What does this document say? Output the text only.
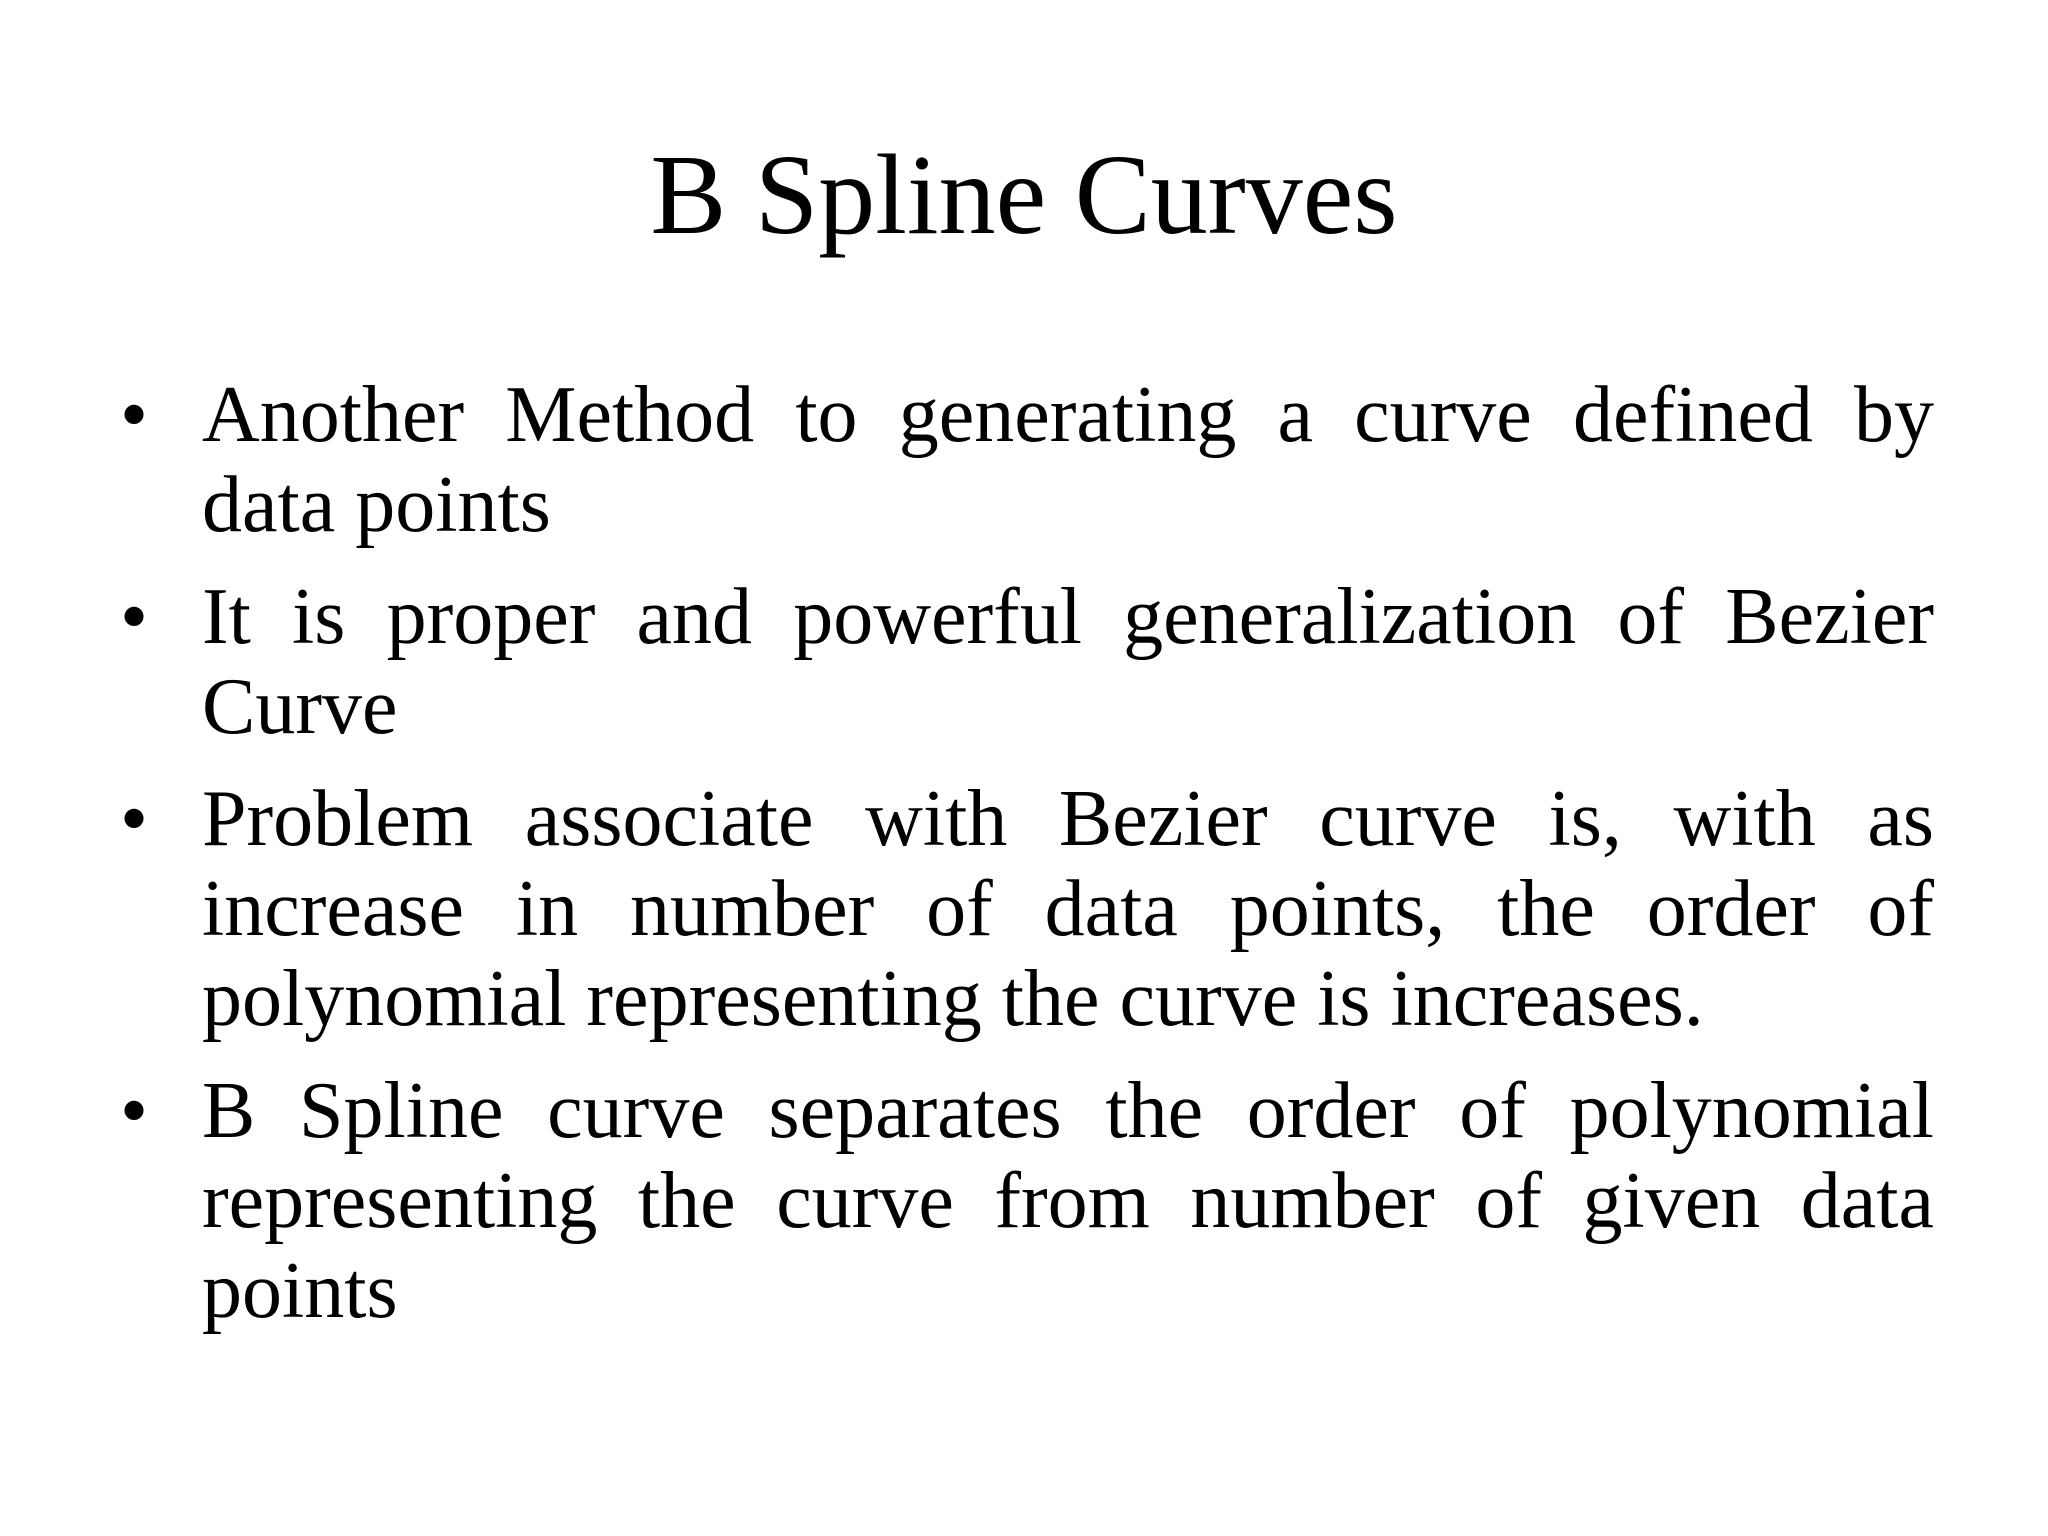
B Spline Curves
• Another Method to generating a curve defined by data points
• It is proper and powerful generalization of Bezier Curve
• Problem associate with Bezier curve is, with as increase in number of data points, the order of polynomial representing the curve is increases.
• B Spline curve separates the order of polynomial representing the curve from number of given data points
